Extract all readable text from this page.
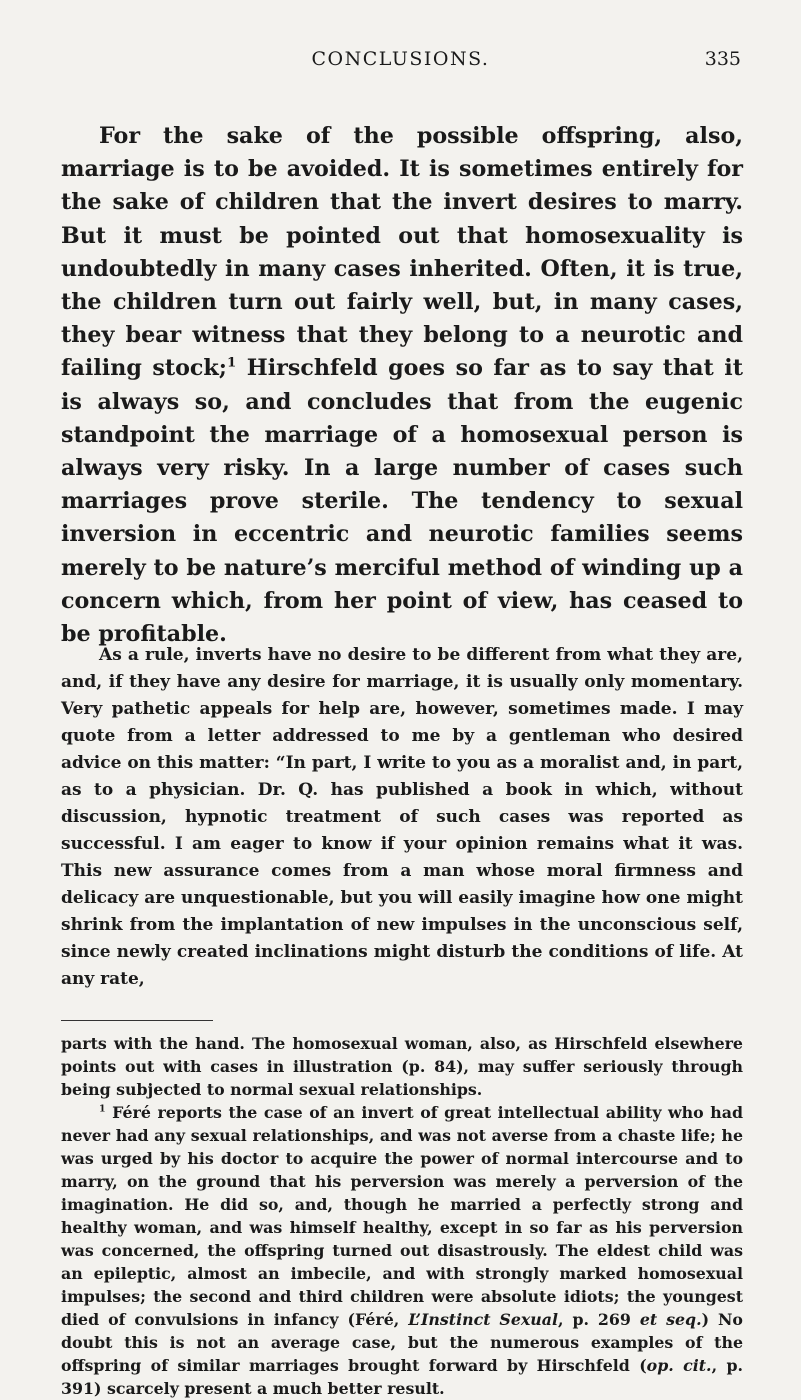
CONCLUSIONS.	335

For the sake of the possible offspring, also, marriage is to be avoided. It is sometimes entirely for the sake of children that the invert desires to marry. But it must be pointed out that homosexuality is undoubtedly in many cases inherited. Often, it is true, the children turn out fairly well, but, in many cases, they bear witness that they belong to a neurotic and failing stock;$^1$ Hirschfeld goes so far as to say that it is always so, and concludes that from the eugenic standpoint the marriage of a homosexual person is always very risky. In a large number of cases such marriages prove sterile. The tendency to sexual inversion in eccentric and neurotic families seems merely to be nature’s merciful method of winding up a concern which, from her point of view, has ceased to be profitable.

As a rule, inverts have no desire to be different from what they are, and, if they have any desire for marriage, it is usually only momentary. Very pathetic appeals for help are, however, sometimes made. I may quote from a letter addressed to me by a gentleman who desired advice on this matter: “In part, I write to you as a moralist and, in part, as to a physician. Dr. Q. has published a book in which, without discussion, hypnotic treatment of such cases was reported as successful. I am eager to know if your opinion remains what it was. This new assurance comes from a man whose moral firmness and delicacy are unquestionable, but you will easily imagine how one might shrink from the implantation of new impulses in the unconscious self, since newly created inclinations might disturb the conditions of life. At any rate,

parts with the hand. The homosexual woman, also, as Hirschfeld elsewhere points out with cases in illustration (p. 84), may suffer seriously through being subjected to normal sexual relationships.

$^1$ Féré reports the case of an invert of great intellectual ability who had never had any sexual relationships, and was not averse from a chaste life; he was urged by his doctor to acquire the power of normal intercourse and to marry, on the ground that his perversion was merely a perversion of the imagination. He did so, and, though he married a perfectly strong and healthy woman, and was himself healthy, except in so far as his perversion was concerned, the offspring turned out disastrously. The eldest child was an epileptic, almost an imbecile, and with strongly marked homosexual impulses; the second and third children were absolute idiots; the youngest died of convulsions in infancy (Féré, L’Instinct Sexual, p. 269 et seq.) No doubt this is not an average case, but the numerous examples of the offspring of similar marriages brought forward by Hirschfeld (op. cit., p. 391) scarcely present a much better result.
